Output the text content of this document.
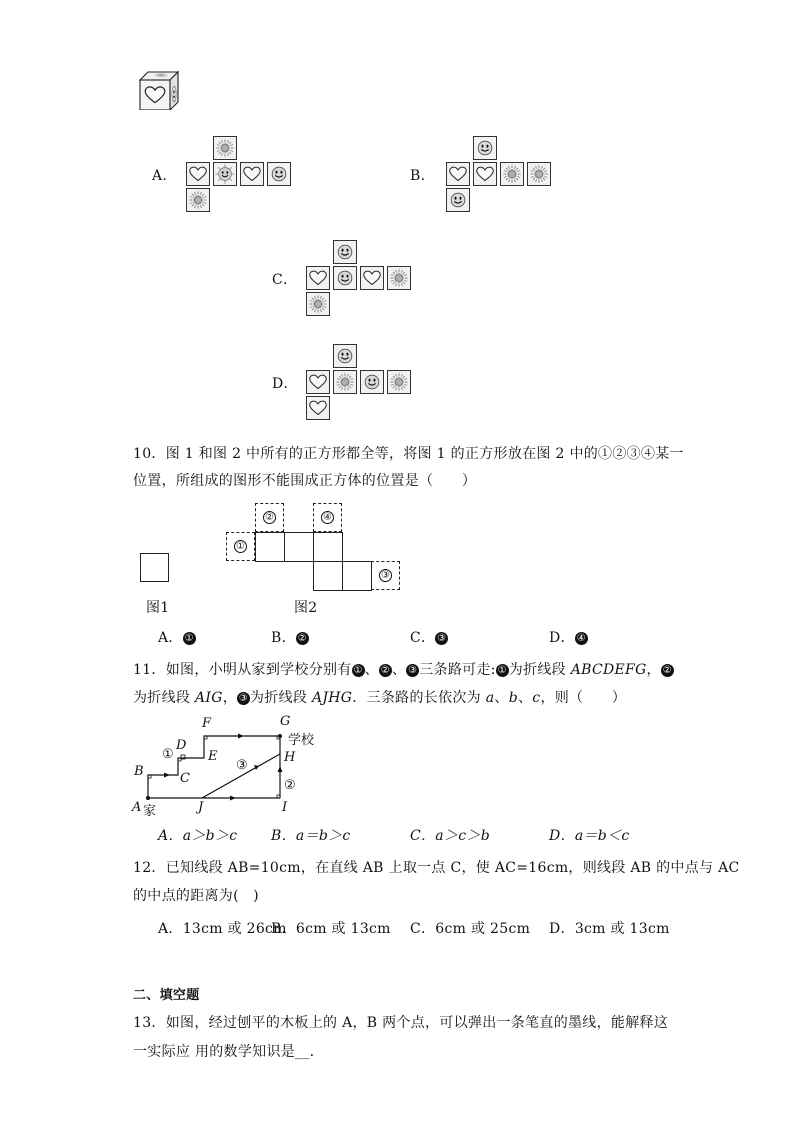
A．	B．
C．
D．
10．图 1 和图 2 中所有的正方形都全等，将图 1 的正方形放在图 2 中的①②③④某一
位置，所组成的图形不能围成正方体的位置是（　　）
图1
②	④
①
③
图2
A． ①	B． ②	C． ③	D． ④
11．如图，小明从家到学校分别有 ① 、 ② 、 ③ 三条路可走: ① 为折线段 ABCDEFG， ②
为折线段 AIG， ③ 为折线段 AJHG．三条路的长依次为 a、b、c，则（　　）
F	G
学校
D
①	E
③
H
C
B
②
A 家	J	I
A．a＞b＞c B．a＝b＞c	C．a＞c＞b	D．a＝b＜c
12．已知线段 AB=10cm，在直线 AB 上取一点 C，使 AC=16cm，则线段 AB 的中点与 AC
的中点的距离为(　)
A．13cm 或 26cm
B．6cm 或 13cm C．6cm 或 25cm D．3cm 或 13cm
二、填空题
13．如图，经过刨平的木板上的 A，B 两个点，可以弹出一条笔直的墨线，能解释这
一实际应 用的数学知识是__.
